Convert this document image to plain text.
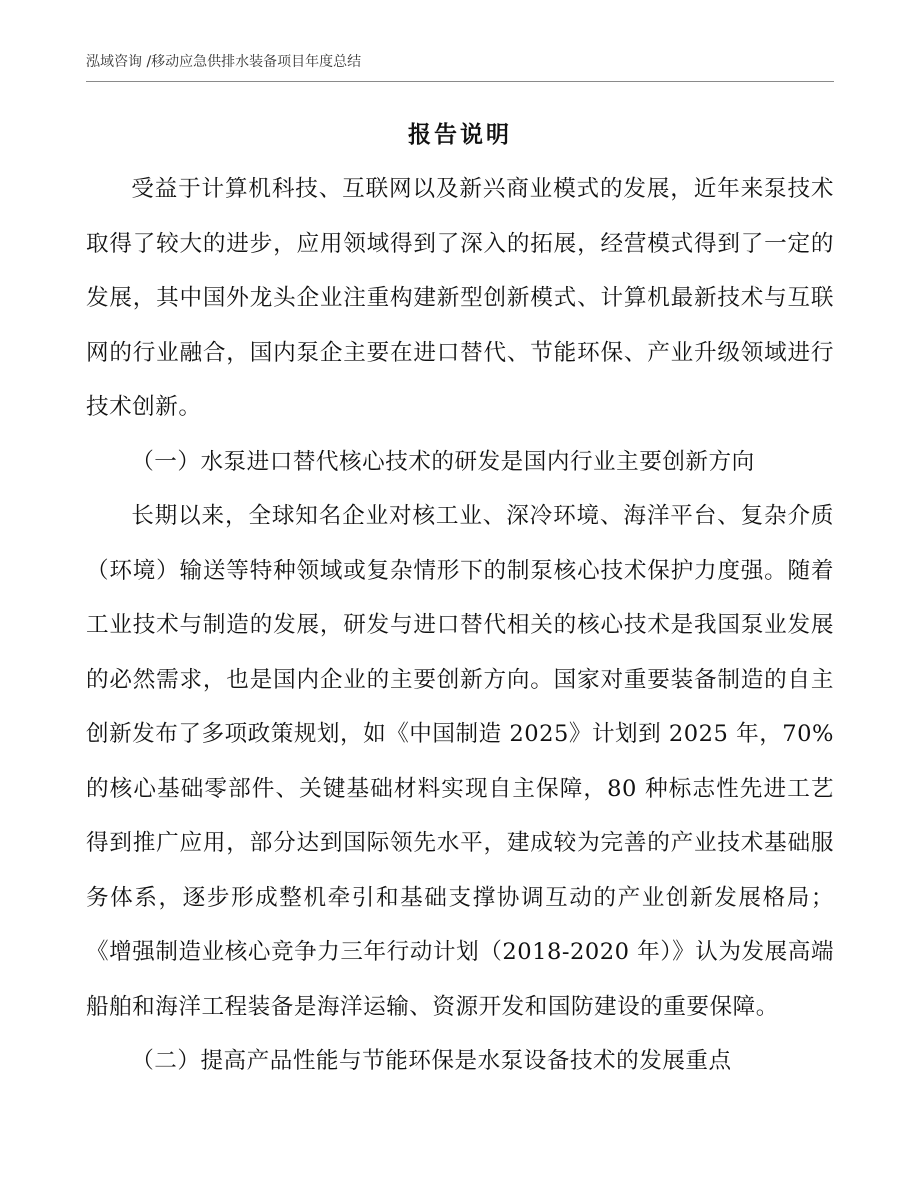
泓域咨询 /移动应急供排水装备项目年度总结
报告说明

受益于计算机科技、互联网以及新兴商业模式的发展，近年来泵技术取得了较大的进步，应用领域得到了深入的拓展，经营模式得到了一定的发展，其中国外龙头企业注重构建新型创新模式、计算机最新技术与互联网的行业融合，国内泵企主要在进口替代、节能环保、产业升级领域进行技术创新。

（一）水泵进口替代核心技术的研发是国内行业主要创新方向

长期以来，全球知名企业对核工业、深冷环境、海洋平台、复杂介质（环境）输送等特种领域或复杂情形下的制泵核心技术保护力度强。随着工业技术与制造的发展，研发与进口替代相关的核心技术是我国泵业发展的必然需求，也是国内企业的主要创新方向。国家对重要装备制造的自主创新发布了多项政策规划，如《中国制造 2025》计划到 2025 年，70%的核心基础零部件、关键基础材料实现自主保障，80 种标志性先进工艺得到推广应用，部分达到国际领先水平，建成较为完善的产业技术基础服务体系，逐步形成整机牵引和基础支撑协调互动的产业创新发展格局；《增强制造业核心竞争力三年行动计划（2018-2020 年）》认为发展高端船舶和海洋工程装备是海洋运输、资源开发和国防建设的重要保障。

（二）提高产品性能与节能环保是水泵设备技术的发展重点
